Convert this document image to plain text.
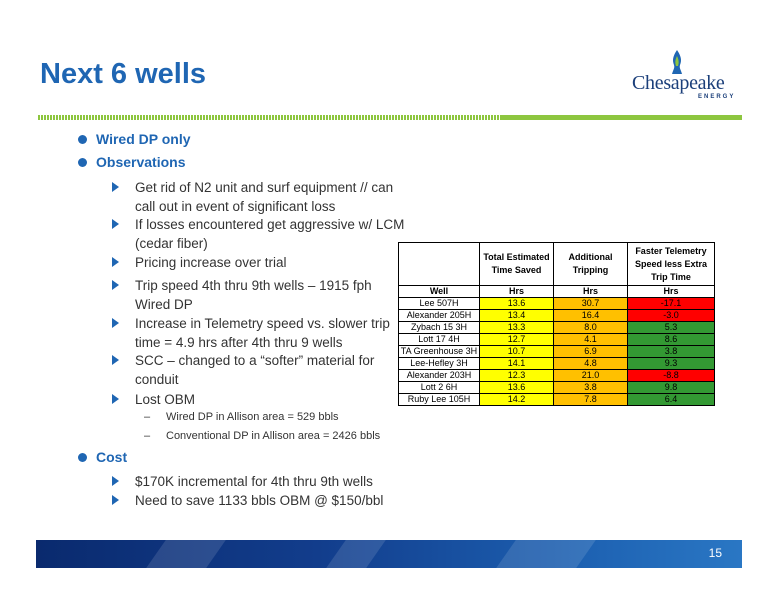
Next 6 wells	Chesapeake
ENERGY
Wired DP only
Observations
Get rid of N2 unit and surf equipment // can call out in event of significant loss
If losses encountered get aggressive w/ LCM (cedar fiber)
Pricing increase over trial
Trip speed 4th thru 9th wells – 1915 fph Wired DP
Increase in Telemetry speed vs. slower trip time = 4.9 hrs after 4th thru 9 wells
SCC – changed to a “softer” material for conduit
Lost OBM
– Wired DP in Allison area = 529 bbls
– Conventional DP in Allison area = 2426 bbls
Cost
$170K incremental for 4th thru 9th wells
Need to save 1133 bbls OBM @ $150/bbl
	Total Estimated Time Saved	Additional Tripping	Faster Telemetry Speed less Extra Trip Time
Well	Hrs	Hrs	Hrs
Lee 507H	13.6	30.7	-17.1
Alexander 205H	13.4	16.4	-3.0
Zybach 15 3H	13.3	8.0	5.3
Lott 17 4H	12.7	4.1	8.6
TA Greenhouse 3H	10.7	6.9	3.8
Lee-Hefley 3H	14.1	4.8	9.3
Alexander 203H	12.3	21.0	-8.8
Lott 2 6H	13.6	3.8	9.8
Ruby Lee 105H	14.2	7.8	6.4
15
